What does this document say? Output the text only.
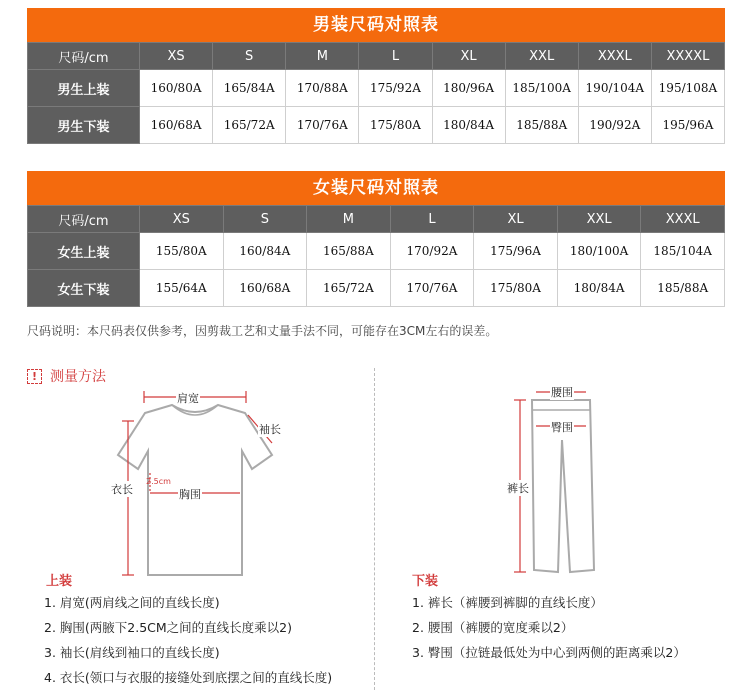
男装尺码对照表
尺码/cm	XS	S	M	L	XL	XXL	XXXL	XXXXL
男生上装	160/80A	165/84A	170/88A	175/92A	180/96A	185/100A	190/104A	195/108A
男生下装	160/68A	165/72A	170/76A	175/80A	180/84A	185/88A	190/92A	195/96A
女装尺码对照表
尺码/cm	XS	S	M	L	XL	XXL	XXXL
女生上装	155/80A	160/84A	165/88A	170/92A	175/96A	180/100A	185/104A
女生下装	155/64A	160/68A	165/72A	170/76A	175/80A	180/84A	185/88A
尺码说明：本尺码表仅供参考，因剪裁工艺和丈量手法不同，可能存在3CM左右的误差。
! 测量方法
肩宽
袖长
衣长	胸围
2.5cm
腰围
臀围
裤长
上装
1. 肩宽(两肩线之间的直线长度)
2. 胸围(两腋下2.5CM之间的直线长度乘以2)
3. 袖长(肩线到袖口的直线长度)
4. 衣长(领口与衣服的接缝处到底摆之间的直线长度)
下装
1. 裤长（裤腰到裤脚的直线长度）
2. 腰围（裤腰的宽度乘以2）
3. 臀围（拉链最低处为中心到两侧的距离乘以2）
